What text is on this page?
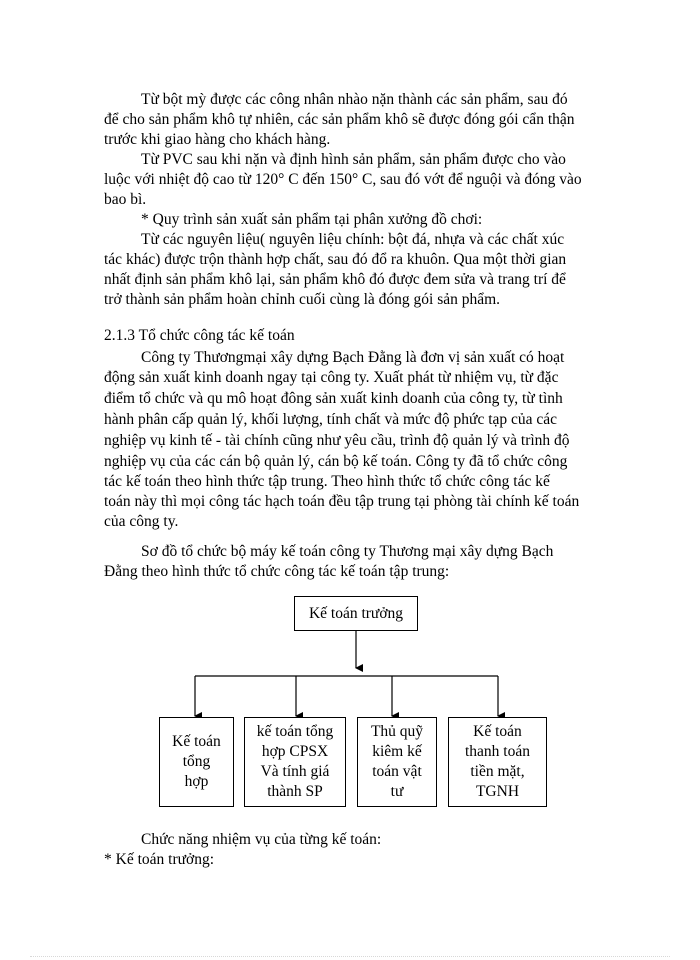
Từ bột mỳ được các công nhân nhào nặn thành các sản phẩm, sau đó
để cho sản phẩm khô tự nhiên, các sản phẩm khô sẽ được đóng gói cẩn thận
trước khi giao hàng cho khách hàng.
Từ PVC sau khi nặn và định hình sản phẩm, sản phẩm được cho vào
luộc với nhiệt độ cao từ 120° C đến 150° C, sau đó vớt để nguội và đóng vào
bao bì.
* Quy trình sản xuất sản phẩm tại phân xưởng đồ chơi:
Từ các nguyên liệu( nguyên liệu chính: bột đá, nhựa và các chất xúc
tác khác) được trộn thành hợp chất, sau đó đổ ra khuôn. Qua một thời gian
nhất định sản phẩm khô lại, sản phẩm khô đó được đem sửa và trang trí để
trở thành sản phẩm hoàn chỉnh cuối cùng là đóng gói sản phẩm.
2.1.3 Tổ chức công tác kế toán
Công ty Thươngmại xây dựng Bạch Đằng là đơn vị sản xuất có hoạt
động sản xuất kinh doanh ngay tại công ty. Xuất phát từ nhiệm vụ, từ đặc
điểm tổ chức và qu mô hoạt đông sản xuất kinh doanh của công ty, từ tình
hành phân cấp quản lý, khối lượng, tính chất và mức độ phức tạp của các
nghiệp vụ kinh tế - tài chính cũng như yêu cầu, trình độ quản lý và trình độ
nghiệp vụ của các cán bộ quản lý, cán bộ kế toán. Công ty đã tổ chức công
tác kế toán theo hình thức tập trung. Theo hình thức tổ chức công tác kế
toán này thì mọi công tác hạch toán đều tập trung tại phòng tài chính kế toán
của công ty.
Sơ đồ tổ chức bộ máy kế toán công ty Thương mại xây dựng Bạch
Đằng theo hình thức tổ chức công tác kế toán tập trung:
Kế toán trưởng
Kế toán
tổng
hợp
kế toán tổng
hợp CPSX
Và tính giá
thành SP
Thủ quỹ
kiêm kế
toán vật
tư
Kế toán
thanh toán
tiền mặt,
TGNH
Chức năng nhiệm vụ của từng kế toán:
* Kế toán trưởng:
